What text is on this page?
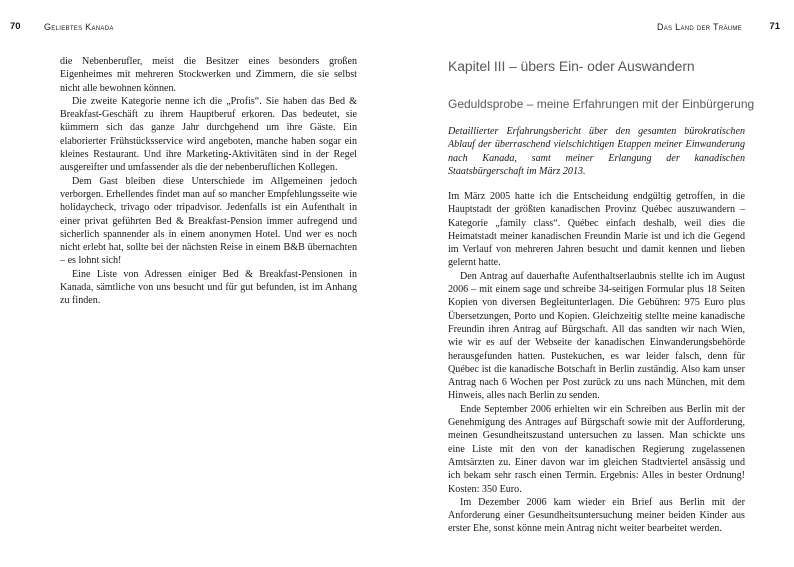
70	Geliebtes Kanada

die Nebenberufler, meist die Besitzer eines besonders großen Eigenheimes mit mehreren Stockwerken und Zimmern, die sie selbst nicht alle bewohnen können.

Die zweite Kategorie nenne ich die „Profis“. Sie haben das Bed & Breakfast-Geschäft zu ihrem Hauptberuf erkoren. Das bedeutet, sie kümmern sich das ganze Jahr durchgehend um ihre Gäste. Ein elaborierter Frühstücksservice wird angeboten, manche haben sogar ein kleines Restaurant. Und ihre Marketing-Aktivitäten sind in der Regel ausgereifter und umfassender als die der nebenberuflichen Kollegen.

Dem Gast bleiben diese Unterschiede im Allgemeinen jedoch verborgen. Erhellendes findet man auf so mancher Empfehlungsseite wie holidaycheck, trivago oder tripadvisor. Jedenfalls ist ein Aufenthalt in einer privat geführten Bed & Breakfast-Pension immer aufregend und sicherlich spannender als in einem anonymen Hotel. Und wer es noch nicht erlebt hat, sollte bei der nächsten Reise in einem B&B übernachten – es lohnt sich!

Eine Liste von Adressen einiger Bed & Breakfast-Pensionen in Kanada, sämtliche von uns besucht und für gut befunden, ist im Anhang zu finden.

Das Land der Träume	71
Kapitel III – übers Ein- oder Auswandern
Geduldsprobe – meine Erfahrungen mit der Einbürgerung
Detaillierter Erfahrungsbericht über den gesamten bürokratischen Ablauf der überraschend vielschichtigen Etappen meiner Einwanderung nach Kanada, samt meiner Erlangung der kanadischen Staatsbürgerschaft im März 2013.

Im März 2005 hatte ich die Entscheidung endgültig getroffen, in die Hauptstadt der größten kanadischen Provinz Québec auszuwandern – Kategorie „family class“. Québec einfach deshalb, weil dies die Heimatstadt meiner kanadischen Freundin Marie ist und ich die Gegend im Verlauf von mehreren Jahren besucht und damit kennen und lieben gelernt hatte.

Den Antrag auf dauerhafte Aufenthaltserlaubnis stellte ich im August 2006 – mit einem sage und schreibe 34-seitigen Formular plus 18 Seiten Kopien von diversen Begleitunterlagen. Die Gebühren: 975 Euro plus Übersetzungen, Porto und Kopien. Gleichzeitig stellte meine kanadische Freundin ihren Antrag auf Bürgschaft. All das sandten wir nach Wien, wie wir es auf der Webseite der kanadischen Einwanderungsbehörde herausgefunden hatten. Pustekuchen, es war leider falsch, denn für Québec ist die kanadische Botschaft in Berlin zuständig. Also kam unser Antrag nach 6 Wochen per Post zurück zu uns nach München, mit dem Hinweis, alles nach Berlin zu senden.

Ende September 2006 erhielten wir ein Schreiben aus Berlin mit der Genehmigung des Antrages auf Bürgschaft sowie mit der Aufforderung, meinen Gesundheitszustand untersuchen zu lassen. Man schickte uns eine Liste mit den von der kanadischen Regierung zugelassenen Amtsärzten zu. Einer davon war im gleichen Stadtviertel ansässig und ich bekam sehr rasch einen Termin. Ergebnis: Alles in bester Ordnung! Kosten: 350 Euro.

Im Dezember 2006 kam wieder ein Brief aus Berlin mit der Anforderung einer Gesundheitsuntersuchung meiner beiden Kinder aus erster Ehe, sonst könne mein Antrag nicht weiter bearbeitet werden.
